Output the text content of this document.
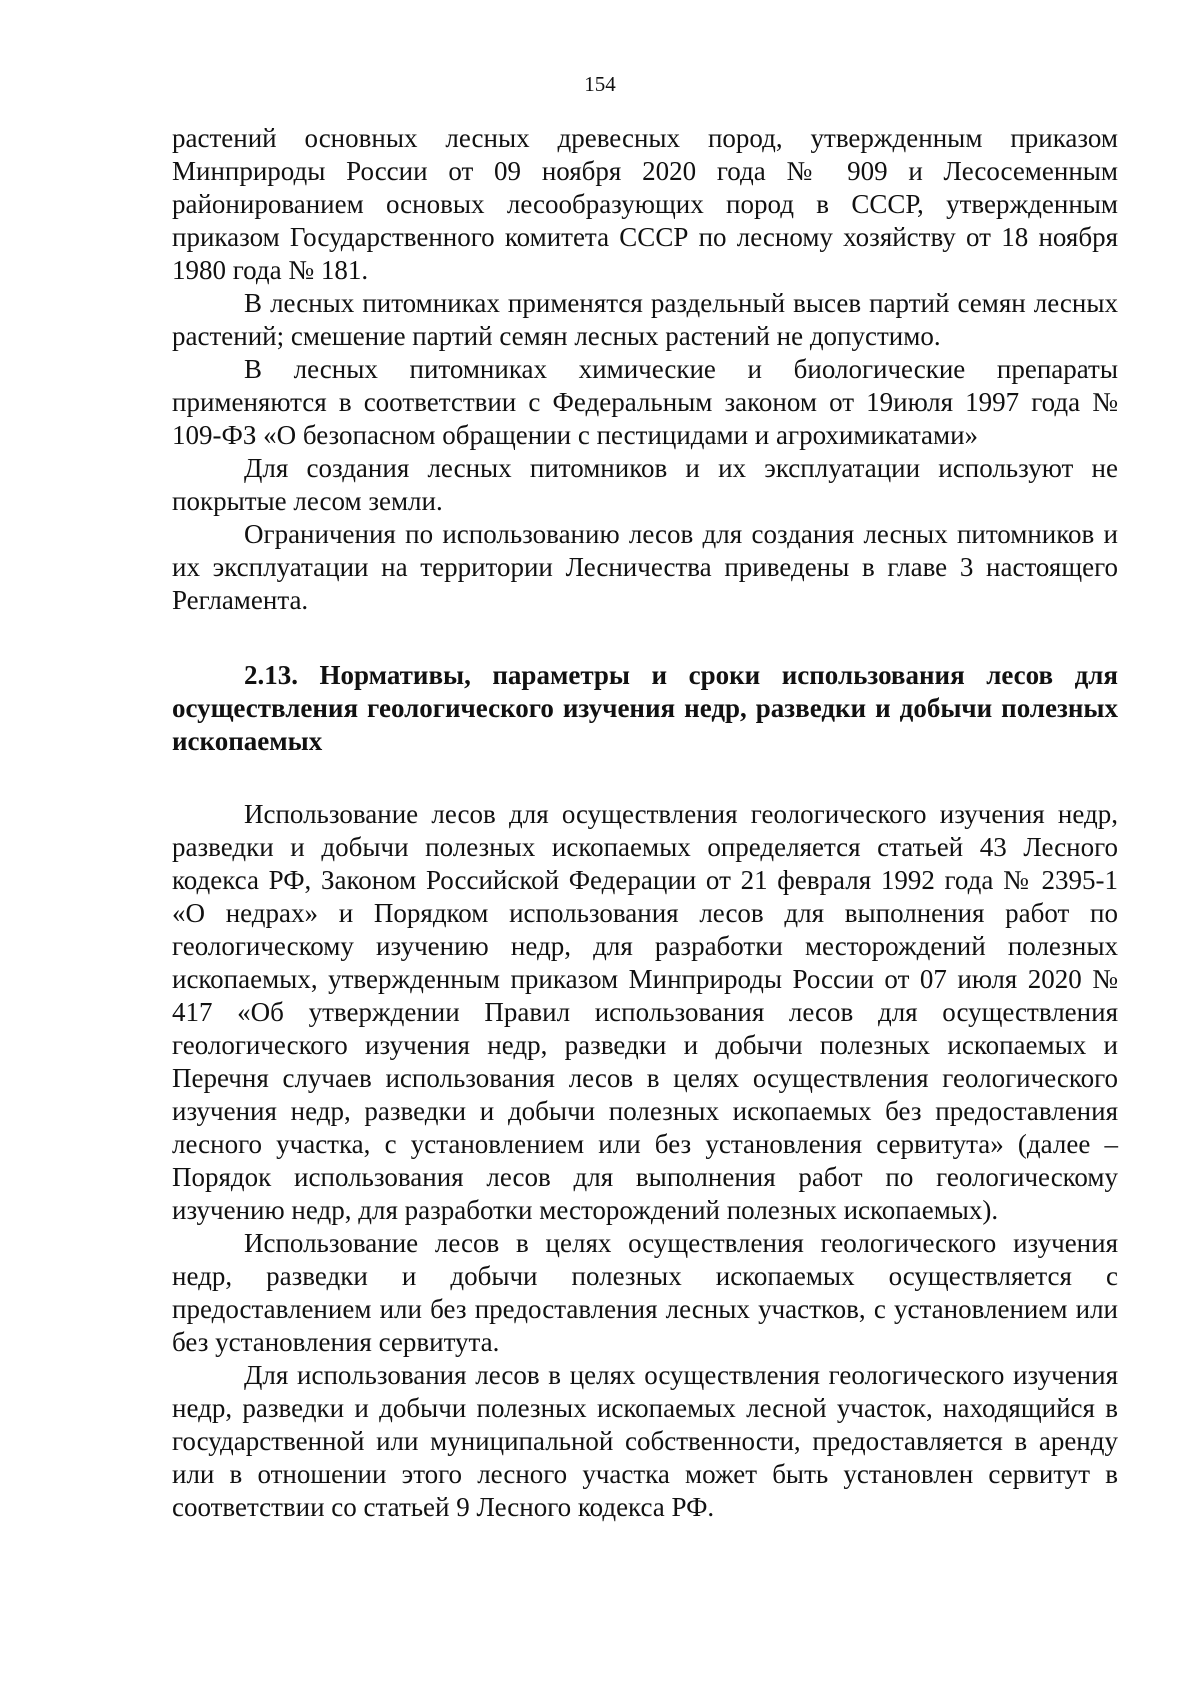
154

растений основных лесных древесных пород, утвержденным приказом Минприроды России от 09 ноября 2020 года № 909 и Лесосеменным районированием основых лесообразующих пород в СССР, утвержденным приказом Государственного комитета СССР по лесному хозяйству от 18 ноября 1980 года № 181.

В лесных питомниках применятся раздельный высев партий семян лесных растений; смешение партий семян лесных растений не допустимо.

В лесных питомниках химические и биологические препараты применяются в соответствии с Федеральным законом от 19июля 1997 года № 109-ФЗ «О безопасном обращении с пестицидами и агрохимикатами»

Для создания лесных питомников и их эксплуатации используют не покрытые лесом земли.

Ограничения по использованию лесов для создания лесных питомников и их эксплуатации на территории Лесничества приведены в главе 3 настоящего Регламента.

2.13. Нормативы, параметры и сроки использования лесов для осуществления геологического изучения недр, разведки и добычи полезных ископаемых

Использование лесов для осуществления геологического изучения недр, разведки и добычи полезных ископаемых определяется статьей 43 Лесного кодекса РФ, Законом Российской Федерации от 21 февраля 1992 года № 2395-1 «О недрах» и Порядком использования лесов для выполнения работ по геологическому изучению недр, для разработки месторождений полезных ископаемых, утвержденным приказом Минприроды России от 07 июля 2020 № 417 «Об утверждении Правил использования лесов для осуществления геологического изучения недр, разведки и добычи полезных ископаемых и Перечня случаев использования лесов в целях осуществления геологического изучения недр, разведки и добычи полезных ископаемых без предоставления лесного участка, с установлением или без установления сервитута» (далее – Порядок использования лесов для выполнения работ по геологическому изучению недр, для разработки месторождений полезных ископаемых).

Использование лесов в целях осуществления геологического изучения недр, разведки и добычи полезных ископаемых осуществляется с предоставлением или без предоставления лесных участков, с установлением или без установления сервитута.

Для использования лесов в целях осуществления геологического изучения недр, разведки и добычи полезных ископаемых лесной участок, находящийся в государственной или муниципальной собственности, предоставляется в аренду или в отношении этого лесного участка может быть установлен сервитут в соответствии со статьей 9 Лесного кодекса РФ.
